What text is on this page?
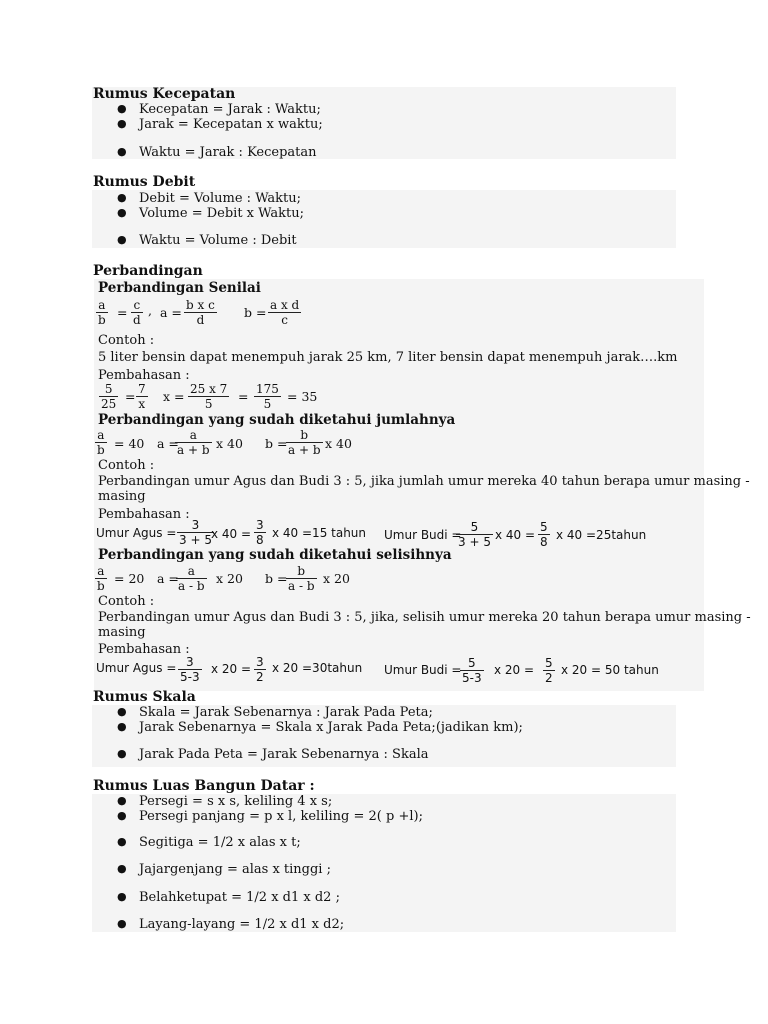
Rumus Kecepatan
● Kecepatan = Jarak : Waktu;
● Jarak = Kecepatan x waktu;
● Waktu = Jarak : Kecepatan
Rumus Debit
● Debit = Volume : Waktu;
● Volume = Debit x Waktu;
● Waktu = Volume : Debit
Perbandingan
Perbandingan Senilai
$\frac{a}{b} = \frac{c}{d}$ , $a = \frac{\text{b x c}}{d}$ $b = \frac{\text{a x d}}{c}$
Contoh :
5 liter bensin dapat menempuh jarak 25 km, 7 liter bensin dapat menempuh jarak….km
Pembahasan :
$\frac{5}{25} = \frac{7}{x}$ $x = \frac{25 x 7}{5} = \frac{175}{5} = 35$
Perbandingan yang sudah diketahui jumlahnya
$\frac{a}{b} = 40$ a =
$\frac{a}{a + b}$ x 40 b =
$\frac{b}{a + b}$ x 40
Contoh :
Perbandingan umur Agus dan Budi 3 : 5, jika jumlah umur mereka 40 tahun berapa umur masing -
masing
Pembahasan :
Umur Agus = $\frac{3}{3 + 5}$
x $40 = \frac{3}{8}$ x 40 =15 tahun Umur Budi =
$\frac{5}{3 + 5}$ x $40 = \frac{5}{8}$ x 40 =25tahun
Perbandingan yang sudah diketahui selisihnya
$\frac{a}{b} = 20$ a =
$\frac{a}{a - b}$ x 20 b =
$\frac{b}{a - b}$ x 20
Contoh :
Perbandingan umur Agus dan Budi 3 : 5, jika, selisih umur mereka 20 tahun berapa umur masing -
masing
Pembahasan :
Umur Agus = $\frac{3}{5-3}$ x $20 = \frac{3}{2}$ x 20 =30tahun Umur Budi =
$\frac{5}{5-3}$ x $20 = \frac{5}{2}$ x 20 = 50 tahun
Rumus Skala
● Skala = Jarak Sebenarnya : Jarak Pada Peta;
● Jarak Sebenarnya = Skala x Jarak Pada Peta;(jadikan km);
● Jarak Pada Peta = Jarak Sebenarnya : Skala
Rumus Luas Bangun Datar :
● Persegi = s x s, keliling 4 x s;
● Persegi panjang = p x l, keliling = 2( p +l);
● Segitiga = 1/2 x alas x t;
● Jajargenjang = alas x tinggi ;
● Belahketupat = 1/2 x d1 x d2 ;
● Layang-layang = 1/2 x d1 x d2;
